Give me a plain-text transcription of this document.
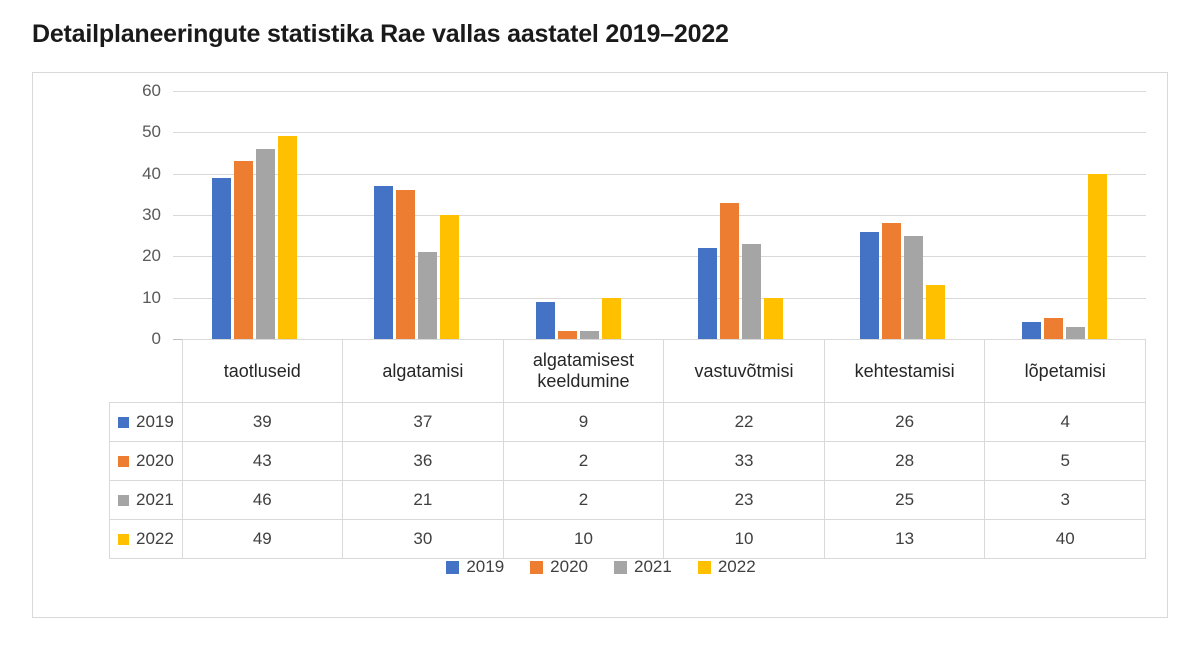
Detailplaneeringute statistika Rae vallas aastatel 2019–2022
0
10
20
30
40
50
60
	taotluseid	algatamisi	algatamisest keeldumine	vastuvõtmisi	kehtestamisi	lõpetamisi
2019	39	37	9	22	26	4
2020	43	36	2	33	28	5
2021	46	21	2	23	25	3
2022	49	30	10	10	13	40
2019	2020	2021	2022
